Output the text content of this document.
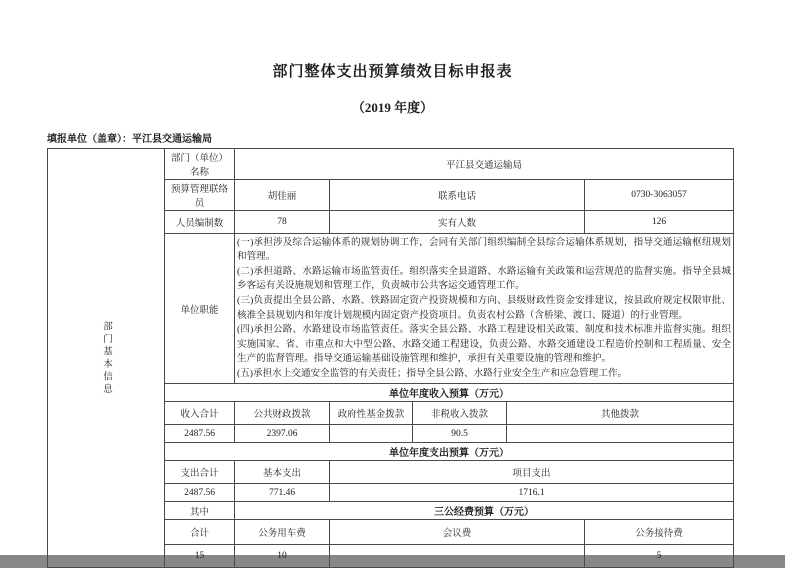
部门整体支出预算绩效目标申报表
（2019 年度）
填报单位（盖章）：平江县交通运输局
部门基本信息	部门（单位）名称	平江县交通运输局				
	预算管理联络员	胡佳丽	联系电话			0730-3063057
	人员编制数	78	实有人数			126
	单位职能	(一)承担涉及综合运输体系的规划协调工作，会同有关部门组织编制全县综合运输体系规划，指导交通运输枢纽规划和管理。
(二)承担道路、水路运输市场监管责任。组织落实全县道路、水路运输有关政策和运营规范的监督实施。指导全县城乡客运有关设施规划和管理工作，负责城市公共客运交通管理工作。
(三)负责提出全县公路、水路、铁路固定资产投资规模和方向、县级财政性资金安排建议，按县政府规定权限审批、核准全县规划内和年度计划规模内固定资产投资项目。负责农村公路（含桥梁、渡口、隧道）的行业管理。
(四)承担公路、水路建设市场监管责任。落实全县公路、水路工程建设相关政策、制度和技术标准并监督实施。组织实施国家、省、市重点和大中型公路、水路交通工程建设，负责公路、水路交通建设工程造价控制和工程质量、安全生产的监督管理。指导交通运输基础设施管理和维护，承担有关重要设施的管理和维护。
(五)承担水上交通安全监管的有关责任；指导全县公路、水路行业安全生产和应急管理工作。				

	单位年度收入预算（万元）					
	收入合计	公共财政拨款	政府性基金拨款	非税收入拨款	其他拨款	
	2487.56	2397.06		90.5		
	单位年度支出预算（万元）					
	支出合计	基本支出	项目支出			
	2487.56	771.46	1716.1			
	其中	三公经费预算（万元）				
	合计	公务用车费	会议费			公务接待费
	15	10				5
